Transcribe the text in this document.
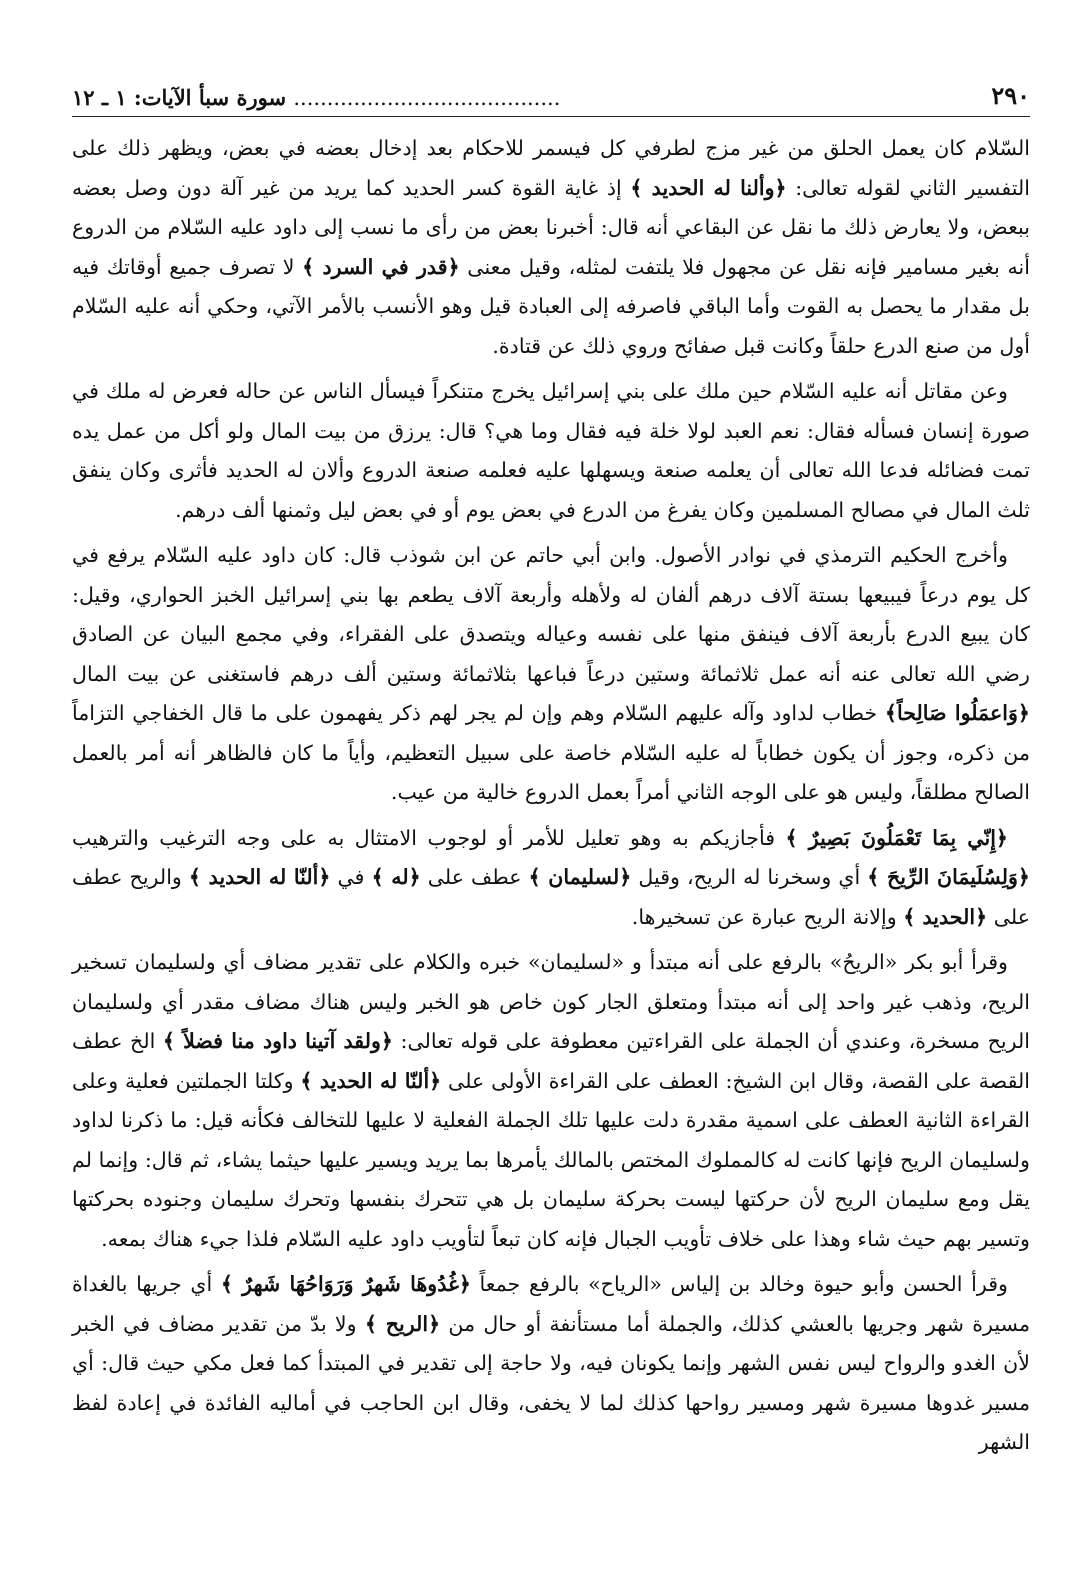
٢٩٠
........................................ سورة سبأ الآيات: ١ ـ ١٢

السّلام كان يعمل الحلق من غير مزج لطرفي كل فيسمر للاحكام بعد إدخال بعضه في بعض، ويظهر ذلك على التفسير الثاني لقوله تعالى: ﴿وألنا له الحديد ﴾ إذ غاية القوة كسر الحديد كما يريد من غير آلة دون وصل بعضه ببعض، ولا يعارض ذلك ما نقل عن البقاعي أنه قال: أخبرنا بعض من رأى ما نسب إلى داود عليه السّلام من الدروع أنه بغير مسامير فإنه نقل عن مجهول فلا يلتفت لمثله، وقيل معنى ﴿قدر في السرد ﴾ لا تصرف جميع أوقاتك فيه بل مقدار ما يحصل به القوت وأما الباقي فاصرفه إلى العبادة قيل وهو الأنسب بالأمر الآتي، وحكي أنه عليه السّلام أول من صنع الدرع حلقاً وكانت قبل صفائح وروي ذلك عن قتادة.

وعن مقاتل أنه عليه السّلام حين ملك على بني إسرائيل يخرج متنكراً فيسأل الناس عن حاله فعرض له ملك في صورة إنسان فسأله فقال: نعم العبد لولا خلة فيه فقال وما هي؟ قال: يرزق من بيت المال ولو أكل من عمل يده تمت فضائله فدعا الله تعالى أن يعلمه صنعة ويسهلها عليه فعلمه صنعة الدروع وألان له الحديد فأثرى وكان ينفق ثلث المال في مصالح المسلمين وكان يفرغ من الدرع في بعض يوم أو في بعض ليل وثمنها ألف درهم.

وأخرج الحكيم الترمذي في نوادر الأصول. وابن أبي حاتم عن ابن شوذب قال: كان داود عليه السّلام يرفع في كل يوم درعاً فيبيعها بستة آلاف درهم ألفان له ولأهله وأربعة آلاف يطعم بها بني إسرائيل الخبز الحواري، وقيل: كان يبيع الدرع بأربعة آلاف فينفق منها على نفسه وعياله ويتصدق على الفقراء، وفي مجمع البيان عن الصادق رضي الله تعالى عنه أنه عمل ثلاثمائة وستين درعاً فباعها بثلاثمائة وستين ألف درهم فاستغنى عن بيت المال ﴿وَاعمَلُوا صَالِحاً﴾ خطاب لداود وآله عليهم السّلام وهم وإن لم يجر لهم ذكر يفهمون على ما قال الخفاجي التزاماً من ذكره، وجوز أن يكون خطاباً له عليه السّلام خاصة على سبيل التعظيم، وأياً ما كان فالظاهر أنه أمر بالعمل الصالح مطلقاً، وليس هو على الوجه الثاني أمراً بعمل الدروع خالية من عيب.

﴿إِنّي بِمَا تَعْمَلُونَ بَصِيرٌ ﴾ فأجازيكم به وهو تعليل للأمر أو لوجوب الامتثال به على وجه الترغيب والترهيب ﴿وَلِسُلَيمَانَ الرِّيحَ ﴾ أي وسخرنا له الريح، وقيل ﴿لسليمان ﴾ عطف على ﴿له ﴾ في ﴿ألنّا له الحديد ﴾ والريح عطف على ﴿الحديد ﴾ وإلانة الريح عبارة عن تسخيرها.

وقرأ أبو بكر «الريحُ» بالرفع على أنه مبتدأ و «لسليمان» خبره والكلام على تقدير مضاف أي ولسليمان تسخير الريح، وذهب غير واحد إلى أنه مبتدأ ومتعلق الجار كون خاص هو الخبر وليس هناك مضاف مقدر أي ولسليمان الريح مسخرة، وعندي أن الجملة على القراءتين معطوفة على قوله تعالى: ﴿ولقد آتينا داود منا فضلاً ﴾ الخ عطف القصة على القصة، وقال ابن الشيخ: العطف على القراءة الأولى على ﴿ألنّا له الحديد ﴾ وكلتا الجملتين فعلية وعلى القراءة الثانية العطف على اسمية مقدرة دلت عليها تلك الجملة الفعلية لا عليها للتخالف فكأنه قيل: ما ذكرنا لداود ولسليمان الريح فإنها كانت له كالمملوك المختص بالمالك يأمرها بما يريد ويسير عليها حيثما يشاء، ثم قال: وإنما لم يقل ومع سليمان الريح لأن حركتها ليست بحركة سليمان بل هي تتحرك بنفسها وتحرك سليمان وجنوده بحركتها وتسير بهم حيث شاء وهذا على خلاف تأويب الجبال فإنه كان تبعاً لتأويب داود عليه السّلام فلذا جيء هناك بمعه.

وقرأ الحسن وأبو حيوة وخالد بن إلياس «الرياح» بالرفع جمعاً ﴿غُدُوهَا شَهرٌ وَرَوَاحُهَا شَهرٌ ﴾ أي جريها بالغداة مسيرة شهر وجريها بالعشي كذلك، والجملة أما مستأنفة أو حال من ﴿الريح ﴾ ولا بدّ من تقدير مضاف في الخبر لأن الغدو والرواح ليس نفس الشهر وإنما يكونان فيه، ولا حاجة إلى تقدير في المبتدأ كما فعل مكي حيث قال: أي مسير غدوها مسيرة شهر ومسير رواحها كذلك لما لا يخفى، وقال ابن الحاجب في أماليه الفائدة في إعادة لفظ الشهر
